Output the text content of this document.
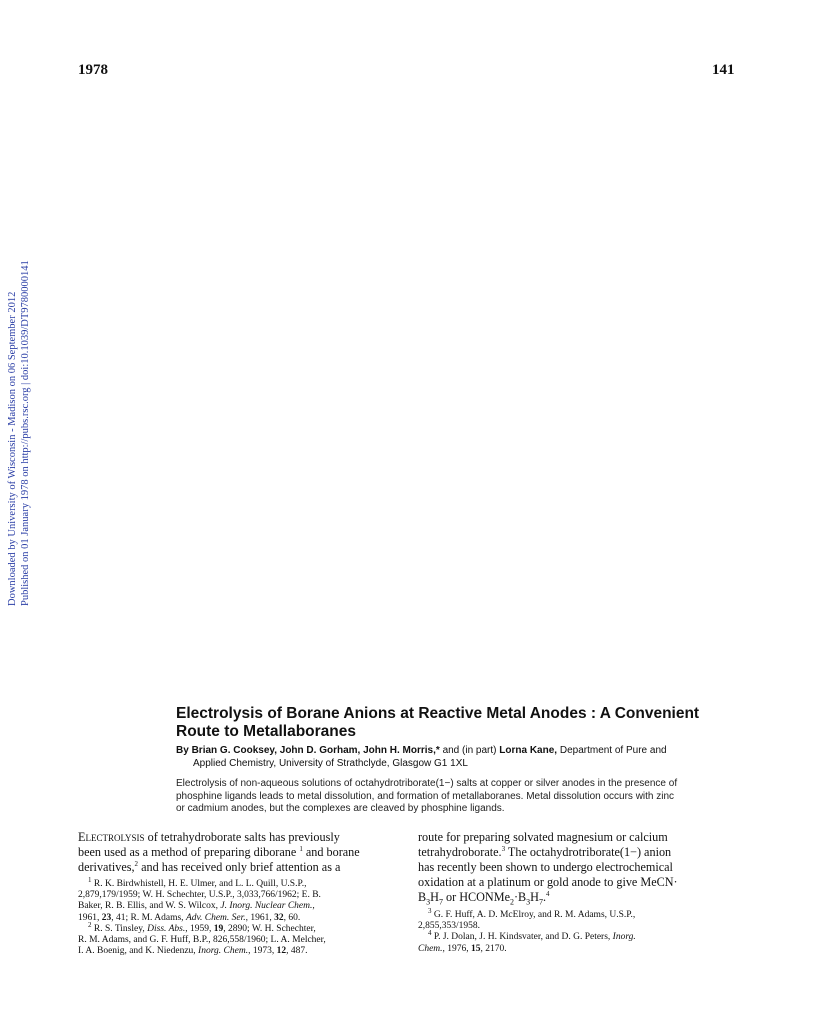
1978	141
Downloaded by University of Wisconsin - Madison on 06 September 2012 Published on 01 January 1978 on http://pubs.rsc.org | doi:10.1039/DT9780000141
Electrolysis of Borane Anions at Reactive Metal Anodes : A Convenient
Route to Metallaboranes
By Brian G. Cooksey, John D. Gorham, John H. Morris,* and (in part) Lorna Kane, Department of Pure and
Applied Chemistry, University of Strathclyde, Glasgow G1 1XL
Electrolysis of non-aqueous solutions of octahydrotriborate(1−) salts at copper or silver anodes in the presence of
phosphine ligands leads to metal dissolution, and formation of metallaboranes. Metal dissolution occurs with zinc
or cadmium anodes, but the complexes are cleaved by phosphine ligands.

Electrolysis of tetrahydroborate salts has previously

been used as a method of preparing diborane $^1$ and borane

derivatives,$^2$ and has received only brief attention as a

$^1$ R. K. Birdwhistell, H. E. Ulmer, and L. L. Quill, U.S.P.,

2,879,179/1959; W. H. Schechter, U.S.P., 3,033,766/1962; E. B.

Baker, R. B. Ellis, and W. S. Wilcox, J. Inorg. Nuclear Chem.,

1961, 23, 41; R. M. Adams, Adv. Chem. Ser., 1961, 32, 60.

$^2$ R. S. Tinsley, Diss. Abs., 1959, 19, 2890; W. H. Schechter,

R. M. Adams, and G. F. Huff, B.P., 826,558/1960; L. A. Melcher,

I. A. Boenig, and K. Niedenzu, Inorg. Chem., 1973, 12, 487.

route for preparing solvated magnesium or calcium

tetrahydroborate.$^3$ The octahydrotriborate(1−) anion

has recently been shown to undergo electrochemical

oxidation at a platinum or gold anode to give MeCN·

$B_3H_7$ or $HCONMe_2\cdot B_3H_7.^4$

$^3$ G. F. Huff, A. D. McElroy, and R. M. Adams, U.S.P.,

2,855,353/1958.

$^4$ P. J. Dolan, J. H. Kindsvater, and D. G. Peters, Inorg.

Chem., 1976, 15, 2170.
